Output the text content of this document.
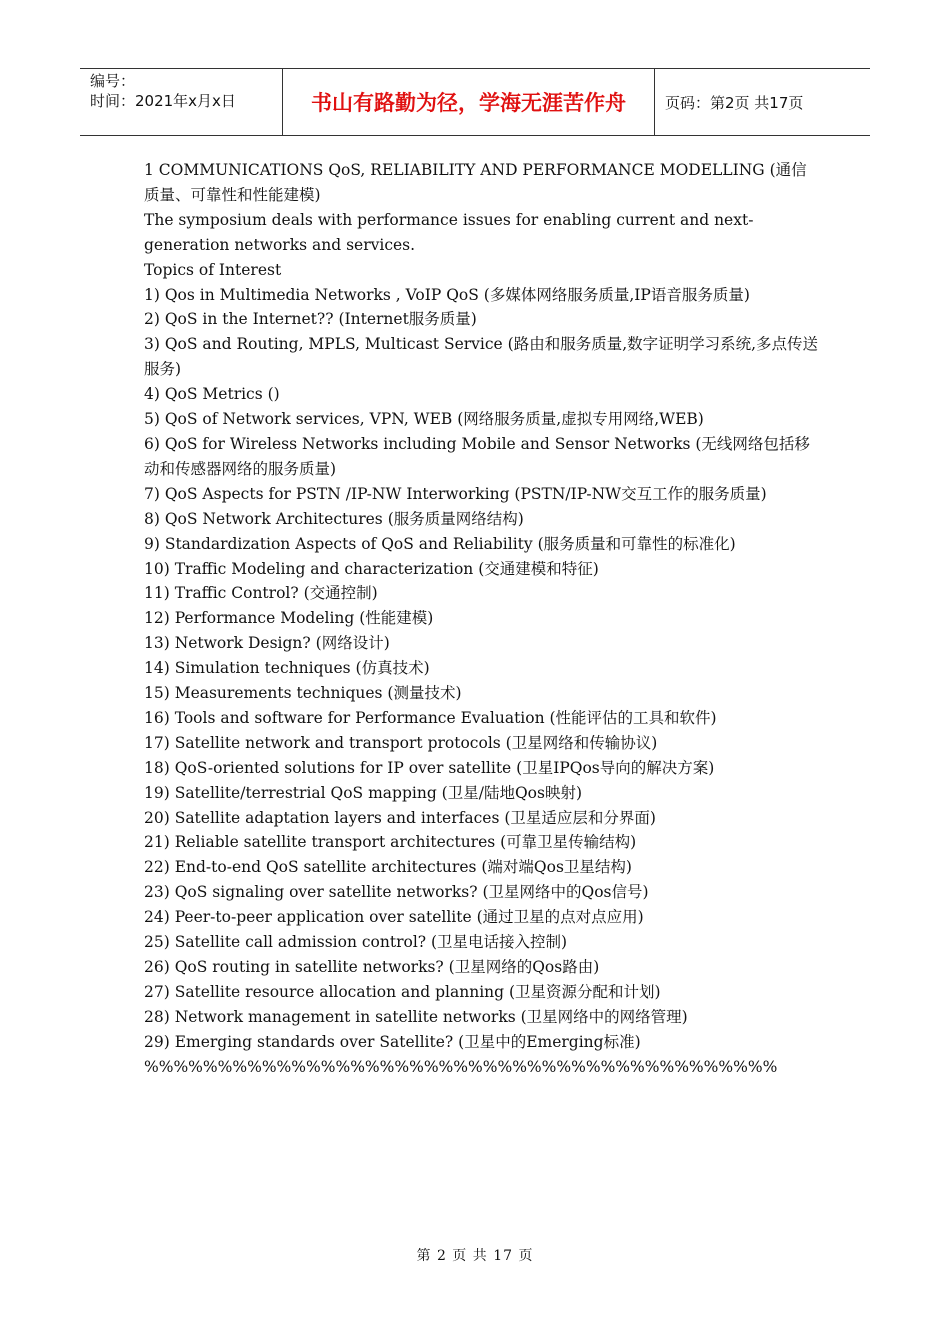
编号：
时间：2021年x月x日	书山有路勤为径，学海无涯苦作舟	页码：第2页 共17页

1 COMMUNICATIONS QoS, RELIABILITY AND PERFORMANCE MODELLING (通信质量、可靠性和性能建模)

The symposium deals with performance issues for enabling current and next-generation networks and services.

Topics of Interest

1) Qos in Multimedia Networks , VoIP QoS (多媒体网络服务质量,IP语音服务质量)

2) QoS in the Internet?? (Internet服务质量)

3) QoS and Routing, MPLS, Multicast Service (路由和服务质量,数字证明学习系统,多点传送服务)

4) QoS Metrics ()

5) QoS of Network services, VPN, WEB (网络服务质量,虚拟专用网络,WEB)

6) QoS for Wireless Networks including Mobile and Sensor Networks (无线网络包括移动和传感器网络的服务质量)

7) QoS Aspects for PSTN /IP-NW Interworking (PSTN/IP-NW交互工作的服务质量)

8) QoS Network Architectures (服务质量网络结构)

9) Standardization Aspects of QoS and Reliability (服务质量和可靠性的标准化)

10) Traffic Modeling and characterization (交通建模和特征)

11) Traffic Control? (交通控制)

12) Performance Modeling (性能建模)

13) Network Design? (网络设计)

14) Simulation techniques (仿真技术)

15) Measurements techniques (测量技术)

16) Tools and software for Performance Evaluation (性能评估的工具和软件)

17) Satellite network and transport protocols (卫星网络和传输协议)

18) QoS-oriented solutions for IP over satellite (卫星IPQos导向的解决方案)

19) Satellite/terrestrial QoS mapping (卫星/陆地Qos映射)

20) Satellite adaptation layers and interfaces (卫星适应层和分界面)

21) Reliable satellite transport architectures (可靠卫星传输结构)

22) End-to-end QoS satellite architectures (端对端Qos卫星结构)

23) QoS signaling over satellite networks? (卫星网络中的Qos信号)

24) Peer-to-peer application over satellite (通过卫星的点对点应用)

25) Satellite call admission control? (卫星电话接入控制)

26) QoS routing in satellite networks? (卫星网络的Qos路由)

27) Satellite resource allocation and planning (卫星资源分配和计划)

28) Network management in satellite networks (卫星网络中的网络管理)

29) Emerging standards over Satellite? (卫星中的Emerging标准)

%%%%%%%%%%%%%%%%%%%%%%%%%%%%%%%%%%%%%%%%%%%

第 2 页 共 17 页
